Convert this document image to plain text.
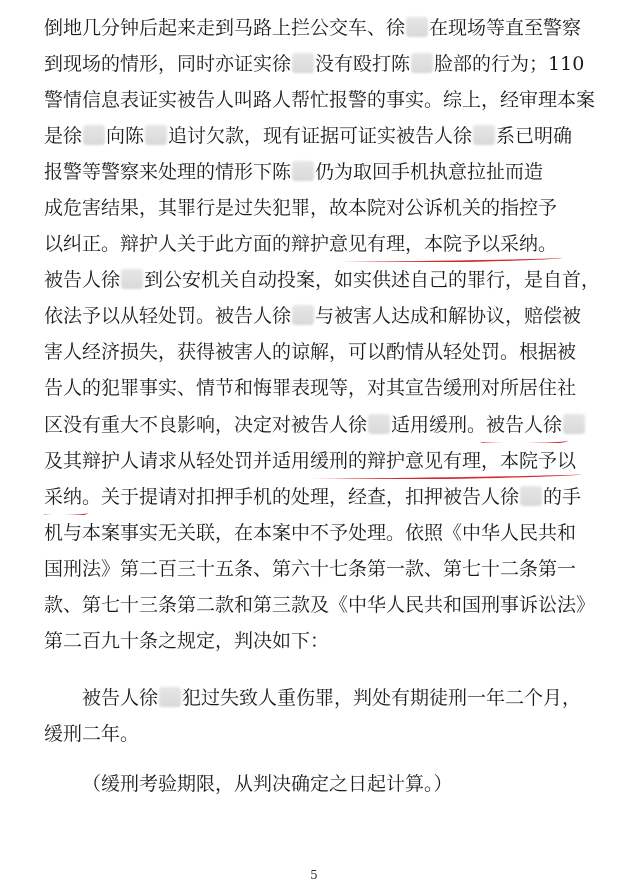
倒地几分钟后起来走到马路上拦公交车、徐 在现场等直至警察
到现场的情形，同时亦证实徐 没有殴打陈 脸部的行为；110
警情信息表证实被告人叫路人帮忙报警的事实。综上，经审理本案
是徐 向陈 追讨欠款，现有证据可证实被告人徐 系已明确
报警等警察来处理的情形下陈 仍为取回手机执意拉扯而造
成危害结果，其罪行是过失犯罪，故本院对公诉机关的指控予
以纠正。辩护人关于此方面的辩护意见有理，本院予以采纳。
被告人徐 到公安机关自动投案，如实供述自己的罪行，是自首，
依法予以从轻处罚。被告人徐 与被害人达成和解协议，赔偿被
害人经济损失，获得被害人的谅解，可以酌情从轻处罚。根据被
告人的犯罪事实、情节和悔罪表现等，对其宣告缓刑对所居住社
区没有重大不良影响，决定对被告人徐 适用缓刑。被告人徐
及其辩护人请求从轻处罚并适用缓刑的辩护意见有理，本院予以
采纳。关于提请对扣押手机的处理，经查，扣押被告人徐 的手
机与本案事实无关联，在本案中不予处理。依照《中华人民共和
国刑法》第二百三十五条、第六十七条第一款、第七十二条第一
款、第七十三条第二款和第三款及《中华人民共和国刑事诉讼法》
第二百九十条之规定，判决如下：
被告人徐 犯过失致人重伤罪，判处有期徒刑一年二个月，
缓刑二年。
（缓刑考验期限，从判决确定之日起计算。）
5
